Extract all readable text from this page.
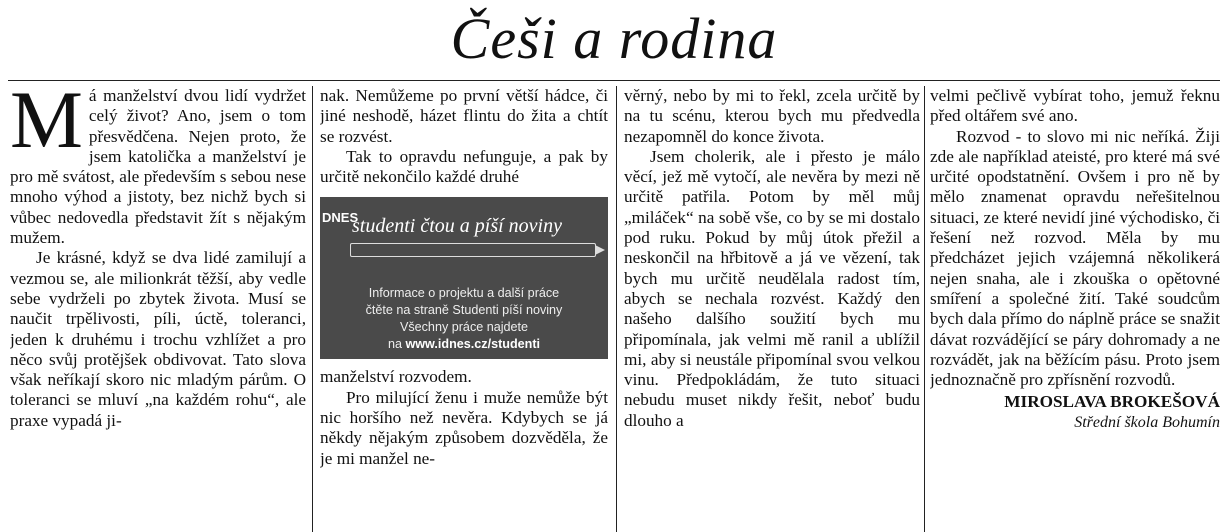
Češi a rodina

Má manželství dvou lidí vydržet celý život? Ano, jsem o tom přesvědčena. Nejen proto, že jsem katolička a manželství je pro mě svátost, ale především s sebou nese mnoho výhod a jistoty, bez nichž bych si vůbec nedovedla představit žít s nějakým mužem.

Je krásné, když se dva lidé zamilují a vezmou se, ale milionkrát těžší, aby vedle sebe vydrželi po zbytek života. Musí se naučit trpělivosti, píli, úctě, toleranci, jeden k druhému i trochu vzhlížet a pro něco svůj protějšek obdivovat. Tato slova však neříkají skoro nic mladým párům. O toleranci se mluví „na každém rohu“, ale praxe vypadá ji-

nak. Nemůžeme po první větší hádce, či jiné neshodě, házet flintu do žita a chtít se rozvést.

Tak to opravdu nefunguje, a pak by určitě nekončilo každé druhé

DNES
studenti čtou a píší noviny
Informace o projektu a další práce
čtěte na straně Studenti píší noviny
Všechny práce najdete
na www.idnes.cz/studenti

manželství rozvodem.

Pro milující ženu i muže nemůže být nic horšího než nevěra. Kdybych se já někdy nějakým způsobem dozvěděla, že je mi manžel ne-

věrný, nebo by mi to řekl, zcela určitě by na tu scénu, kterou bych mu předvedla nezapomněl do konce života.

Jsem cholerik, ale i přesto je málo věcí, jež mě vytočí, ale nevěra by mezi ně určitě patřila. Potom by měl můj „miláček“ na sobě vše, co by se mi dostalo pod ruku. Pokud by můj útok přežil a neskončil na hřbitově a já ve vězení, tak bych mu určitě neudělala radost tím, abych se nechala rozvést. Každý den našeho dalšího soužití bych mu připomínala, jak velmi mě ranil a ublížil mi, aby si neustále připomínal svou velkou vinu. Předpokládám, že tuto situaci nebudu muset nikdy řešit, neboť budu dlouho a

velmi pečlivě vybírat toho, jemuž řeknu před oltářem své ano.

Rozvod - to slovo mi nic neříká. Žiji zde ale například ateisté, pro které má své určité opodstatnění. Ovšem i pro ně by mělo znamenat opravdu neřešitelnou situaci, ze které nevidí jiné východisko, či řešení než rozvod. Měla by mu předcházet jejich vzájemná několikerá nejen snaha, ale i zkouška o opětovné smíření a společné žití. Také soudcům bych dala přímo do náplně práce se snažit dávat rozvádějící se páry dohromady a ne rozvádět, jak na běžícím pásu. Proto jsem jednoznačně pro zpřísnění rozvodů.

MIROSLAVA BROKEŠOVÁ
Střední škola Bohumín
